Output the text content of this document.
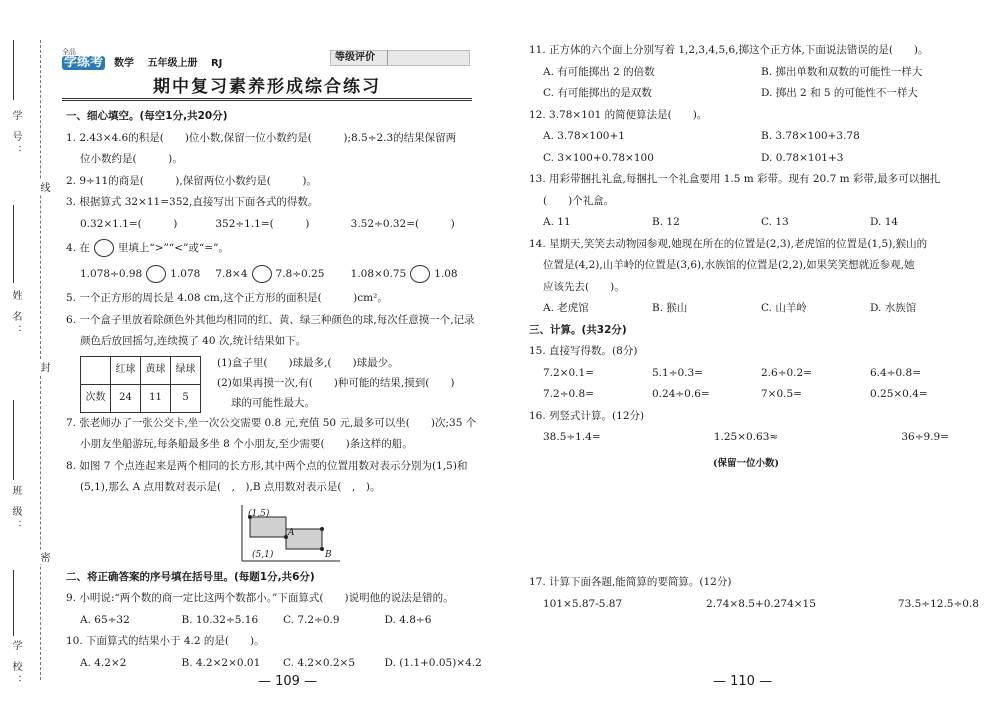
学 号：
姓 名：
班 级：
学 校：
线
封
密
全品
学练考 数学 五年级上册 RJ
等级评价
期中复习素养形成综合练习
一、细心填空。(每空1分,共20分)
1. 2.43×4.6的积是(　　)位小数,保留一位小数约是(　　　);8.5÷2.3的结果保留两
位小数约是(　　　)。
2. 9÷11的商是(　　　),保留两位小数约是(　　　)。
3. 根据算式 32×11=352,直接写出下面各式的得数。
0.32×1.1=(　　　)	352÷1.1=(　　　)	3.52÷0.32=(　　　)
4. 在	里填上“>”“<”或“=”。
1.078÷0.98	1.078	7.8×4	7.8÷0.25	1.08×0.75	1.08
5. 一个正方形的周长是 4.08 cm,这个正方形的面积是(　　　)cm²。
6. 一个盒子里放着除颜色外其他均相同的红、黄、绿三种颜色的球,每次任意摸一个,记录
颜色后放回摇匀,连续摸了 40 次,统计结果如下。
	红球	黄球	绿球
次数	24	11	5
(1)盒子里(　　)球最多,(　　)球最少。
(2)如果再摸一次,有(　　)种可能的结果,摸到(　　)
球的可能性最大。
7. 张老师办了一张公交卡,坐一次公交需要 0.8 元,充值 50 元,最多可以坐(　　)次;35 个
小朋友坐船游玩,每条船最多坐 8 个小朋友,至少需要(　　)条这样的船。
8. 如图 7 个点连起来是两个相同的长方形,其中两个点的位置用数对表示分别为(1,5)和
(5,1),那么 A 点用数对表示是(　,　),B 点用数对表示是(　,　)。
(1,5)
(5,1)
A
B
二、将正确答案的序号填在括号里。(每题1分,共6分)
9. 小明说:“两个数的商一定比这两个数都小。”下面算式(　　)说明他的说法是错的。
A. 65÷32	B. 10.32÷5.16	C. 7.2÷0.9	D. 4.8÷6
10. 下面算式的结果小于 4.2 的是(　　)。
A. 4.2×2	B. 4.2×2×0.01	C. 4.2×0.2×5	D. (1.1+0.05)×4.2
— 109 —
11. 正方体的六个面上分别写着 1,2,3,4,5,6,掷这个正方体,下面说法错误的是(　　)。
A. 有可能掷出 2 的倍数	B. 掷出单数和双数的可能性一样大
C. 有可能掷出的是双数	D. 掷出 2 和 5 的可能性不一样大
12. 3.78×101 的简便算法是(　　)。
A. 3.78×100+1	B. 3.78×100+3.78
C. 3×100+0.78×100	D. 0.78×101+3
13. 用彩带捆扎礼盒,每捆扎一个礼盒要用 1.5 m 彩带。现有 20.7 m 彩带,最多可以捆扎
(　　)个礼盒。
A. 11	B. 12	C. 13	D. 14
14. 星期天,笑笑去动物园参观,她现在所在的位置是(2,3),老虎馆的位置是(1,5),猴山的
位置是(4,2),山羊岭的位置是(3,6),水族馆的位置是(2,2),如果笑笑想就近参观,她
应该先去(　　)。
A. 老虎馆	B. 猴山	C. 山羊岭	D. 水族馆
三、计算。(共32分)
15. 直接写得数。(8分)
7.2×0.1=	5.1÷0.3=	2.6÷0.2=	6.4÷0.8=
7.2÷0.8=	0.24÷0.6=	7×0.5=	0.25×0.4=
16. 列竖式计算。(12分)
38.5÷1.4=	1.25×0.63≈
(保留一位小数)
36÷9.9=
17. 计算下面各题,能简算的要简算。(12分)
101×5.87-5.87	2.74×8.5+0.274×15	73.5÷12.5÷0.8
— 110 —
